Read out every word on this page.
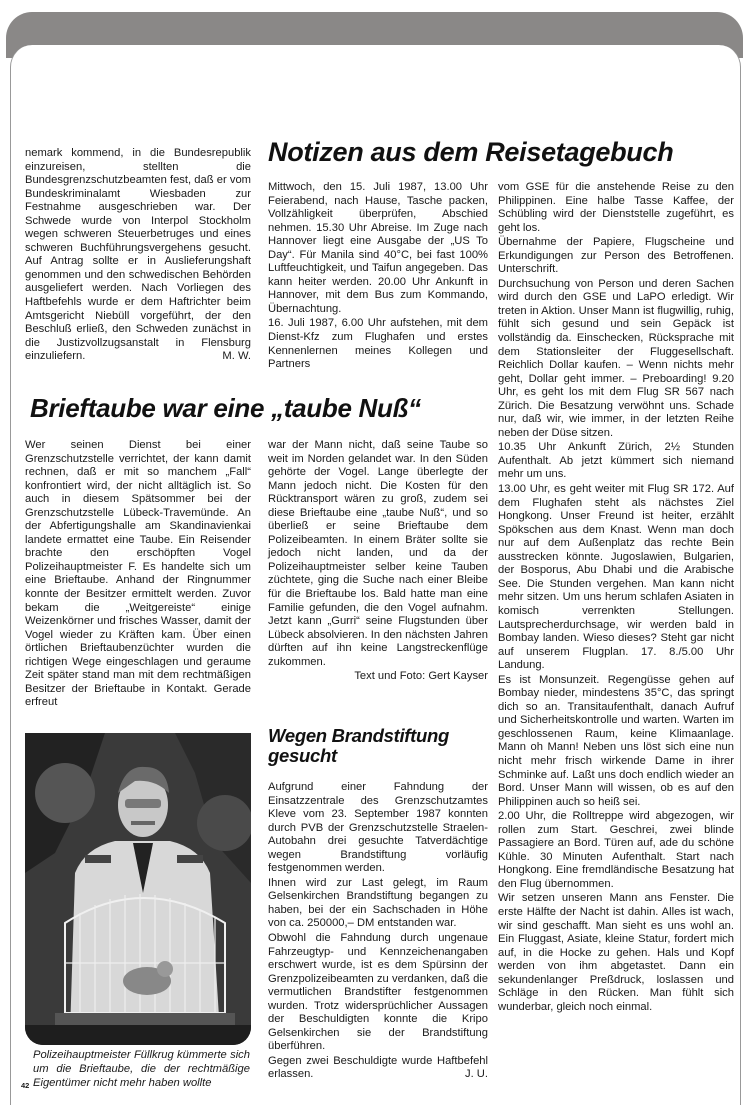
nemark kommend, in die Bundesrepublik einzureisen, stellten die Bundesgrenzschutzbeamten fest, daß er vom Bundeskriminalamt Wiesbaden zur Festnahme ausgeschrieben war. Der Schwede wurde von Interpol Stockholm wegen schweren Steuerbetruges und eines schweren Buchführungsvergehens gesucht. Auf Antrag sollte er in Auslieferungshaft genommen und den schwedischen Behörden ausgeliefert werden. Nach Vorliegen des Haftbefehls wurde er dem Haftrichter beim Amtsgericht Niebüll vorgeführt, der den Beschluß erließ, den Schweden zunächst in die Justizvollzugsanstalt in Flensburg einzuliefern.	M. W.

Notizen aus dem Reisetagebuch

Mittwoch, den 15. Juli 1987, 13.00 Uhr Feierabend, nach Hause, Tasche packen, Vollzähligkeit überprüfen, Abschied nehmen. 15.30 Uhr Abreise. Im Zuge nach Hannover liegt eine Ausgabe der „US To Day“. Für Manila sind 40°C, bei fast 100% Luftfeuchtigkeit, und Taifun angegeben. Das kann heiter werden. 20.00 Uhr Ankunft in Hannover, mit dem Bus zum Kommando, Übernachtung.

16. Juli 1987, 6.00 Uhr aufstehen, mit dem Dienst-Kfz zum Flughafen und erstes Kennenlernen meines Kollegen und Partners

vom GSE für die anstehende Reise zu den Philippinen. Eine halbe Tasse Kaffee, der Schübling wird der Dienststelle zugeführt, es geht los.

Übernahme der Papiere, Flugscheine und Erkundigungen zur Person des Betroffenen. Unterschrift.

Durchsuchung von Person und deren Sachen wird durch den GSE und LaPO erledigt. Wir treten in Aktion. Unser Mann ist flugwillig, ruhig, fühlt sich gesund und sein Gepäck ist vollständig da. Einschecken, Rücksprache mit dem Stationsleiter der Fluggesellschaft. Reichlich Dollar kaufen. – Wenn nichts mehr geht, Dollar geht immer. – Preboarding! 9.20 Uhr, es geht los mit dem Flug SR 567 nach Zürich. Die Besatzung verwöhnt uns. Schade nur, daß wir, wie immer, in der letzten Reihe neben der Düse sitzen.

10.35 Uhr Ankunft Zürich, 2½ Stunden Aufenthalt. Ab jetzt kümmert sich niemand mehr um uns.

13.00 Uhr, es geht weiter mit Flug SR 172. Auf dem Flughafen steht als nächstes Ziel Hongkong. Unser Freund ist heiter, erzählt Spökschen aus dem Knast. Wenn man doch nur auf dem Außenplatz das rechte Bein ausstrecken könnte. Jugoslawien, Bulgarien, der Bosporus, Abu Dhabi und die Arabische See. Die Stunden vergehen. Man kann nicht mehr sitzen. Um uns herum schlafen Asiaten in komisch verrenkten Stellungen. Lautsprecherdurchsage, wir werden bald in Bombay landen. Wieso dieses? Steht gar nicht auf unserem Flugplan. 17. 8./5.00 Uhr Landung.

Es ist Monsunzeit. Regengüsse gehen auf Bombay nieder, mindestens 35°C, das springt dich so an. Transitaufenthalt, danach Aufruf und Sicherheitskontrolle und warten. Warten im geschlossenen Raum, keine Klimaanlage. Mann oh Mann! Neben uns löst sich eine nun nicht mehr frisch wirkende Dame in ihrer Schminke auf. Laßt uns doch endlich wieder an Bord. Unser Mann will wissen, ob es auf den Philippinen auch so heiß sei.

2.00 Uhr, die Rolltreppe wird abgezogen, wir rollen zum Start. Geschrei, zwei blinde Passagiere an Bord. Türen auf, ade du schöne Kühle. 30 Minuten Aufenthalt. Start nach Hongkong. Eine fremdländische Besatzung hat den Flug übernommen.

Wir setzen unseren Mann ans Fenster. Die erste Hälfte der Nacht ist dahin. Alles ist wach, wir sind geschafft. Man sieht es uns wohl an. Ein Fluggast, Asiate, kleine Statur, fordert mich auf, in die Hocke zu gehen. Hals und Kopf werden von ihm abgetastet. Dann ein sekundenlanger Preßdruck, loslassen und Schläge in den Rücken. Man fühlt sich wunderbar, gleich noch einmal.

Brieftaube war eine „taube Nuß“

Wer seinen Dienst bei einer Grenzschutzstelle verrichtet, der kann damit rechnen, daß er mit so manchem „Fall“ konfrontiert wird, der nicht alltäglich ist. So auch in diesem Spätsommer bei der Grenzschutzstelle Lübeck-Travemünde. An der Abfertigungshalle am Skandinavienkai landete ermattet eine Taube. Ein Reisender brachte den erschöpften Vogel Polizeihauptmeister F. Es handelte sich um eine Brieftaube. Anhand der Ringnummer konnte der Besitzer ermittelt werden. Zuvor bekam die „Weitgereiste“ einige Weizenkörner und frisches Wasser, damit der Vogel wieder zu Kräften kam. Über einen örtlichen Brieftaubenzüchter wurden die richtigen Wege eingeschlagen und geraume Zeit später stand man mit dem rechtmäßigen Besitzer der Brieftaube in Kontakt. Gerade erfreut

war der Mann nicht, daß seine Taube so weit im Norden gelandet war. In den Süden gehörte der Vogel. Lange überlegte der Mann jedoch nicht. Die Kosten für den Rücktransport wären zu groß, zudem sei diese Brieftaube eine „taube Nuß“, und so überließ er seine Brieftaube dem Polizeibeamten. In einem Bräter sollte sie jedoch nicht landen, und da der Polizeihauptmeister selber keine Tauben züchtete, ging die Suche nach einer Bleibe für die Brieftaube los. Bald hatte man eine Familie gefunden, die den Vogel aufnahm. Jetzt kann „Gurri“ seine Flugstunden über Lübeck absolvieren. In den nächsten Jahren dürften auf ihn keine Langstreckenflüge zukommen.

Text und Foto: Gert Kayser

Polizeihauptmeister Füllkrug kümmerte sich um die Brieftaube, die der rechtmäßige Eigentümer nicht mehr haben wollte
42
Wegen Brandstiftung gesucht

Aufgrund einer Fahndung der Einsatzzentrale des Grenzschutzamtes Kleve vom 23. September 1987 konnten durch PVB der Grenzschutzstelle Straelen-Autobahn drei gesuchte Tatverdächtige wegen Brandstiftung vorläufig festgenommen werden.

Ihnen wird zur Last gelegt, im Raum Gelsenkirchen Brandstiftung begangen zu haben, bei der ein Sachschaden in Höhe von ca. 250000,– DM entstanden war.

Obwohl die Fahndung durch ungenaue Fahrzeugtyp- und Kennzeichenangaben erschwert wurde, ist es dem Spürsinn der Grenzpolizeibeamten zu verdanken, daß die vermutlichen Brandstifter festgenommen wurden. Trotz widersprüchlicher Aussagen der Beschuldigten konnte die Kripo Gelsenkirchen sie der Brandstiftung überführen.

Gegen zwei Beschuldigte wurde Haftbefehl erlassen.	J. U.
